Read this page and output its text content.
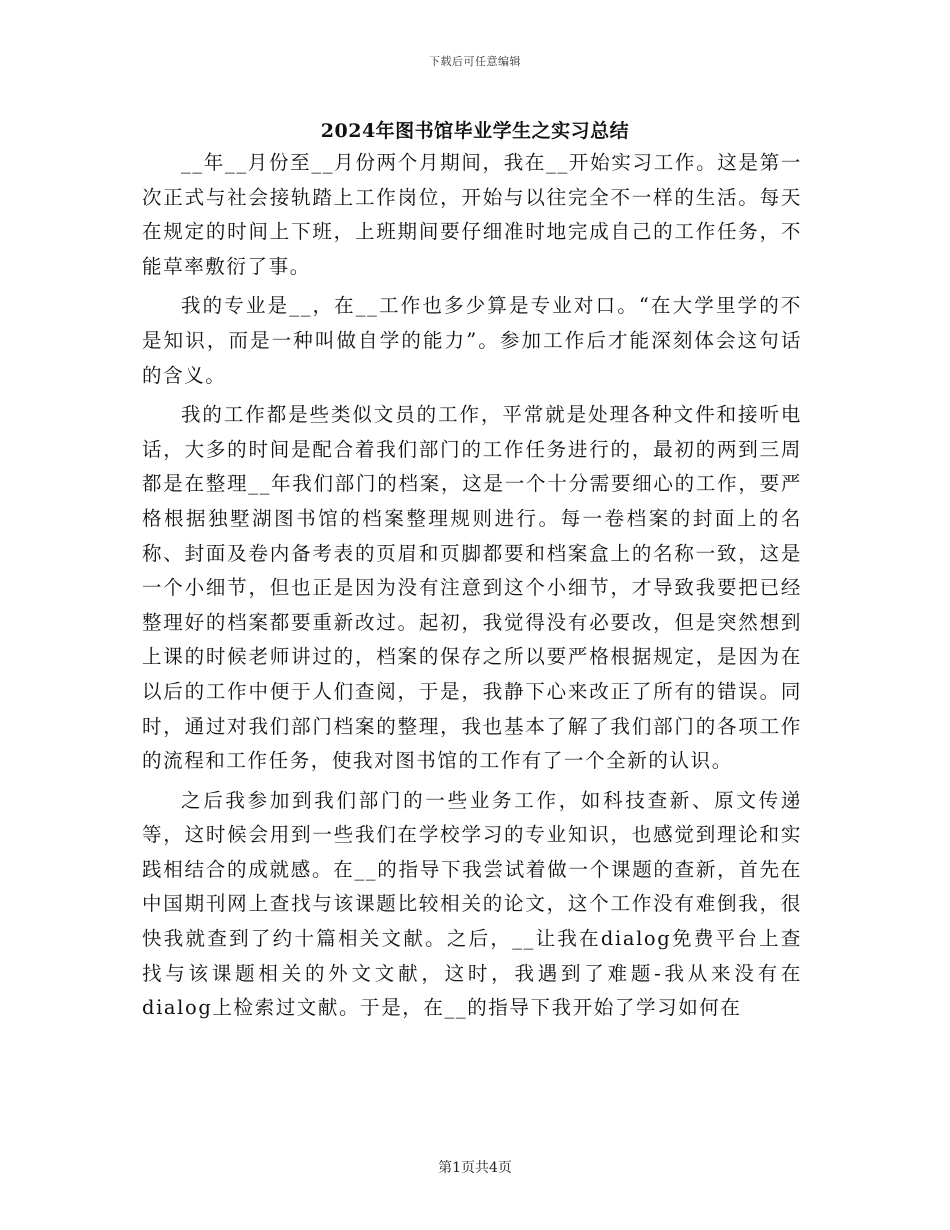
下载后可任意编辑
2024年图书馆毕业学生之实习总结

__年__月份至__月份两个月期间，我在__开始实习工作。这是第一次正式与社会接轨踏上工作岗位，开始与以往完全不一样的生活。每天在规定的时间上下班，上班期间要仔细准时地完成自己的工作任务，不能草率敷衍了事。

我的专业是__，在__工作也多少算是专业对口。“在大学里学的不是知识，而是一种叫做自学的能力”。参加工作后才能深刻体会这句话的含义。

我的工作都是些类似文员的工作，平常就是处理各种文件和接听电话，大多的时间是配合着我们部门的工作任务进行的，最初的两到三周都是在整理__年我们部门的档案，这是一个十分需要细心的工作，要严格根据独墅湖图书馆的档案整理规则进行。每一卷档案的封面上的名称、封面及卷内备考表的页眉和页脚都要和档案盒上的名称一致，这是一个小细节，但也正是因为没有注意到这个小细节，才导致我要把已经整理好的档案都要重新改过。起初，我觉得没有必要改，但是突然想到上课的时候老师讲过的，档案的保存之所以要严格根据规定，是因为在以后的工作中便于人们查阅，于是，我静下心来改正了所有的错误。同时，通过对我们部门档案的整理，我也基本了解了我们部门的各项工作的流程和工作任务，使我对图书馆的工作有了一个全新的认识。

之后我参加到我们部门的一些业务工作，如科技查新、原文传递等，这时候会用到一些我们在学校学习的专业知识，也感觉到理论和实践相结合的成就感。在__的指导下我尝试着做一个课题的查新，首先在中国期刊网上查找与该课题比较相关的论文，这个工作没有难倒我，很快我就查到了约十篇相关文献。之后，__让我在dialog免费平台上查找与该课题相关的外文文献，这时，我遇到了难题-我从来没有在dialog上检索过文献。于是，在__的指导下我开始了学习如何在

第1页共4页
